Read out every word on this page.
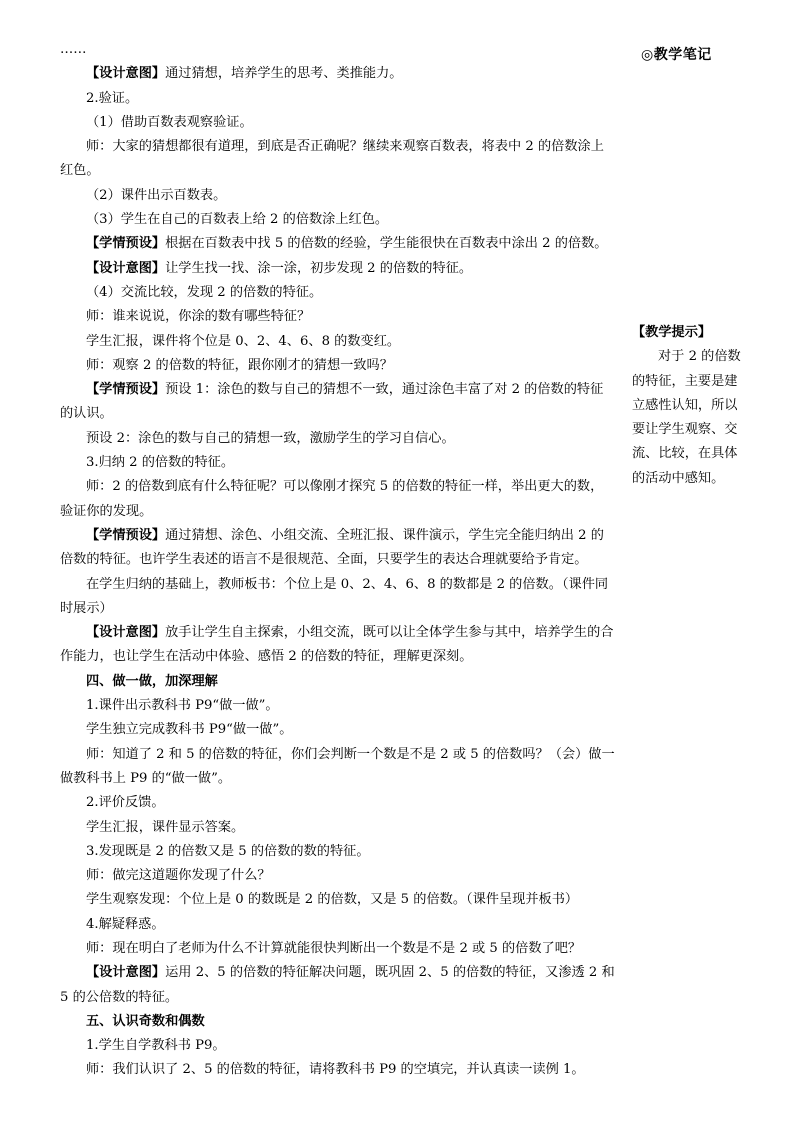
◎教学笔记

……

【设计意图】通过猜想，培养学生的思考、类推能力。

2.验证。

（1）借助百数表观察验证。

师：大家的猜想都很有道理，到底是否正确呢？继续来观察百数表，将表中 2 的倍数涂上红色。

（2）课件出示百数表。

（3）学生在自己的百数表上给 2 的倍数涂上红色。

【学情预设】根据在百数表中找 5 的倍数的经验，学生能很快在百数表中涂出 2 的倍数。

【设计意图】让学生找一找、涂一涂，初步发现 2 的倍数的特征。

（4）交流比较，发现 2 的倍数的特征。

师：谁来说说，你涂的数有哪些特征？

学生汇报，课件将个位是 0、2、4、6、8 的数变红。

师：观察 2 的倍数的特征，跟你刚才的猜想一致吗？

【学情预设】预设 1：涂色的数与自己的猜想不一致，通过涂色丰富了对 2 的倍数的特征的认识。

预设 2：涂色的数与自己的猜想一致，激励学生的学习自信心。

3.归纳 2 的倍数的特征。

师：2 的倍数到底有什么特征呢？可以像刚才探究 5 的倍数的特征一样，举出更大的数，验证你的发现。

【学情预设】通过猜想、涂色、小组交流、全班汇报、课件演示，学生完全能归纳出 2 的倍数的特征。也许学生表述的语言不是很规范、全面，只要学生的表达合理就要给予肯定。

在学生归纳的基础上，教师板书：个位上是 0、2、4、6、8 的数都是 2 的倍数。（课件同时展示）

【设计意图】放手让学生自主探索，小组交流，既可以让全体学生参与其中，培养学生的合作能力，也让学生在活动中体验、感悟 2 的倍数的特征，理解更深刻。

四、做一做，加深理解

1.课件出示教科书 P9“做一做”。

学生独立完成教科书 P9“做一做”。

师：知道了 2 和 5 的倍数的特征，你们会判断一个数是不是 2 或 5 的倍数吗？（会）做一做教科书上 P9 的“做一做”。

2.评价反馈。

学生汇报，课件显示答案。

3.发现既是 2 的倍数又是 5 的倍数的数的特征。

师：做完这道题你发现了什么？

学生观察发现：个位上是 0 的数既是 2 的倍数，又是 5 的倍数。（课件呈现并板书）

4.解疑释惑。

师：现在明白了老师为什么不计算就能很快判断出一个数是不是 2 或 5 的倍数了吧？

【设计意图】运用 2、5 的倍数的特征解决问题，既巩固 2、5 的倍数的特征，又渗透 2 和 5 的公倍数的特征。

五、认识奇数和偶数

1.学生自学教科书 P9。

师：我们认识了 2、5 的倍数的特征，请将教科书 P9 的空填完，并认真读一读例 1。

【教学提示】
对于 2 的倍数的特征，主要是建立感性认知，所以要让学生观察、交流、比较，在具体的活动中感知。
